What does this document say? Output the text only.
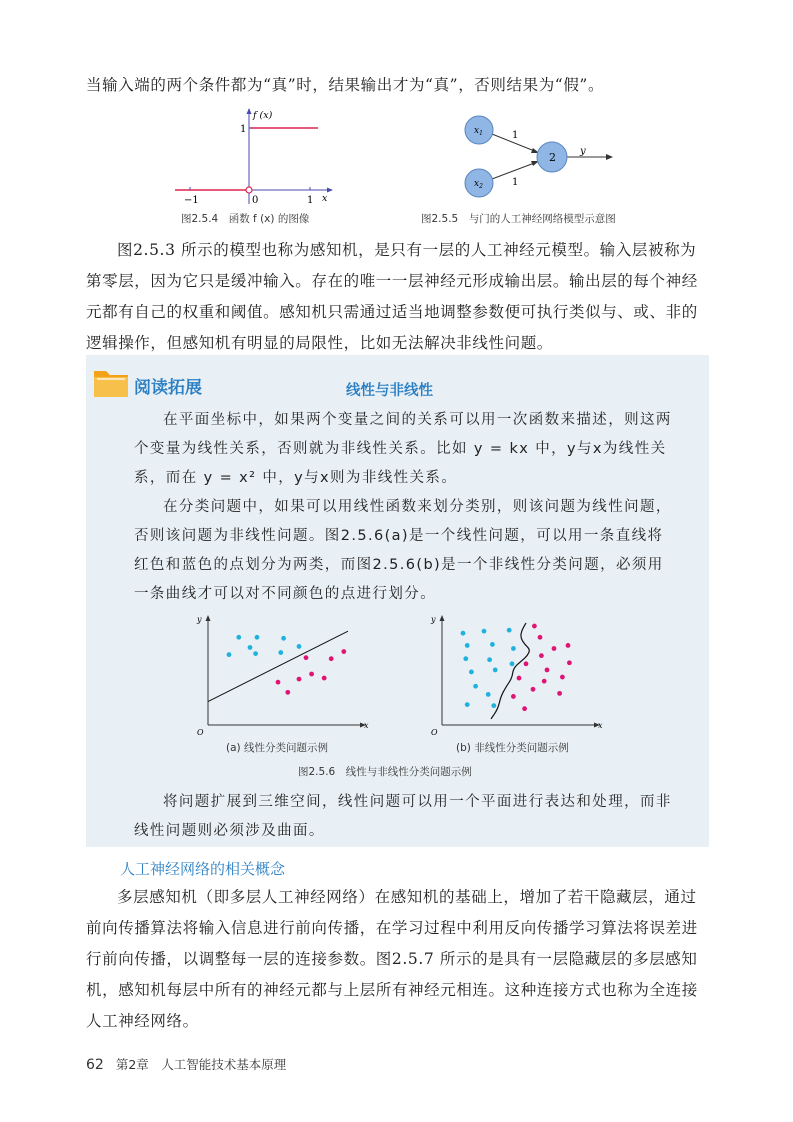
当输入端的两个条件都为“真”时，结果输出才为“真”，否则结果为“假”。

f (x)
1
−1	0	1 x
图2.5.4　函数 f (x) 的图像
$x_1$
$x_2$
2
1
1
y
图2.5.5　与门的人工神经网络模型示意图

图2.5.3 所示的模型也称为感知机，是只有一层的人工神经元模型。输入层被称为第零层，因为它只是缓冲输入。存在的唯一一层神经元形成输出层。输出层的每个神经元都有自己的权重和阈值。感知机只需通过适当地调整参数便可执行类似与、或、非的逻辑操作，但感知机有明显的局限性，比如无法解决非线性问题。

阅读拓展	线性与非线性

在平面坐标中，如果两个变量之间的关系可以用一次函数来描述，则这两个变量为线性关系，否则就为非线性关系。比如 y = kx 中，y与x为线性关系，而在 y = x² 中，y与x则为非线性关系。

在分类问题中，如果可以用线性函数来划分类别，则该问题为线性问题，否则该问题为非线性问题。图2.5.6(a)是一个线性问题，可以用一条直线将红色和蓝色的点划分为两类，而图2.5.6(b)是一个非线性分类问题，必须用一条曲线才可以对不同颜色的点进行划分。

y
x
O
y
x
O
(a) 线性分类问题示例	(b) 非线性分类问题示例
图2.5.6　线性与非线性分类问题示例

将问题扩展到三维空间，线性问题可以用一个平面进行表达和处理，而非线性问题则必须涉及曲面。

人工神经网络的相关概念

多层感知机（即多层人工神经网络）在感知机的基础上，增加了若干隐藏层，通过前向传播算法将输入信息进行前向传播，在学习过程中利用反向传播学习算法将误差进行前向传播，以调整每一层的连接参数。图2.5.7 所示的是具有一层隐藏层的多层感知机，感知机每层中所有的神经元都与上层所有神经元相连。这种连接方式也称为全连接人工神经网络。

62 第2章　人工智能技术基本原理
